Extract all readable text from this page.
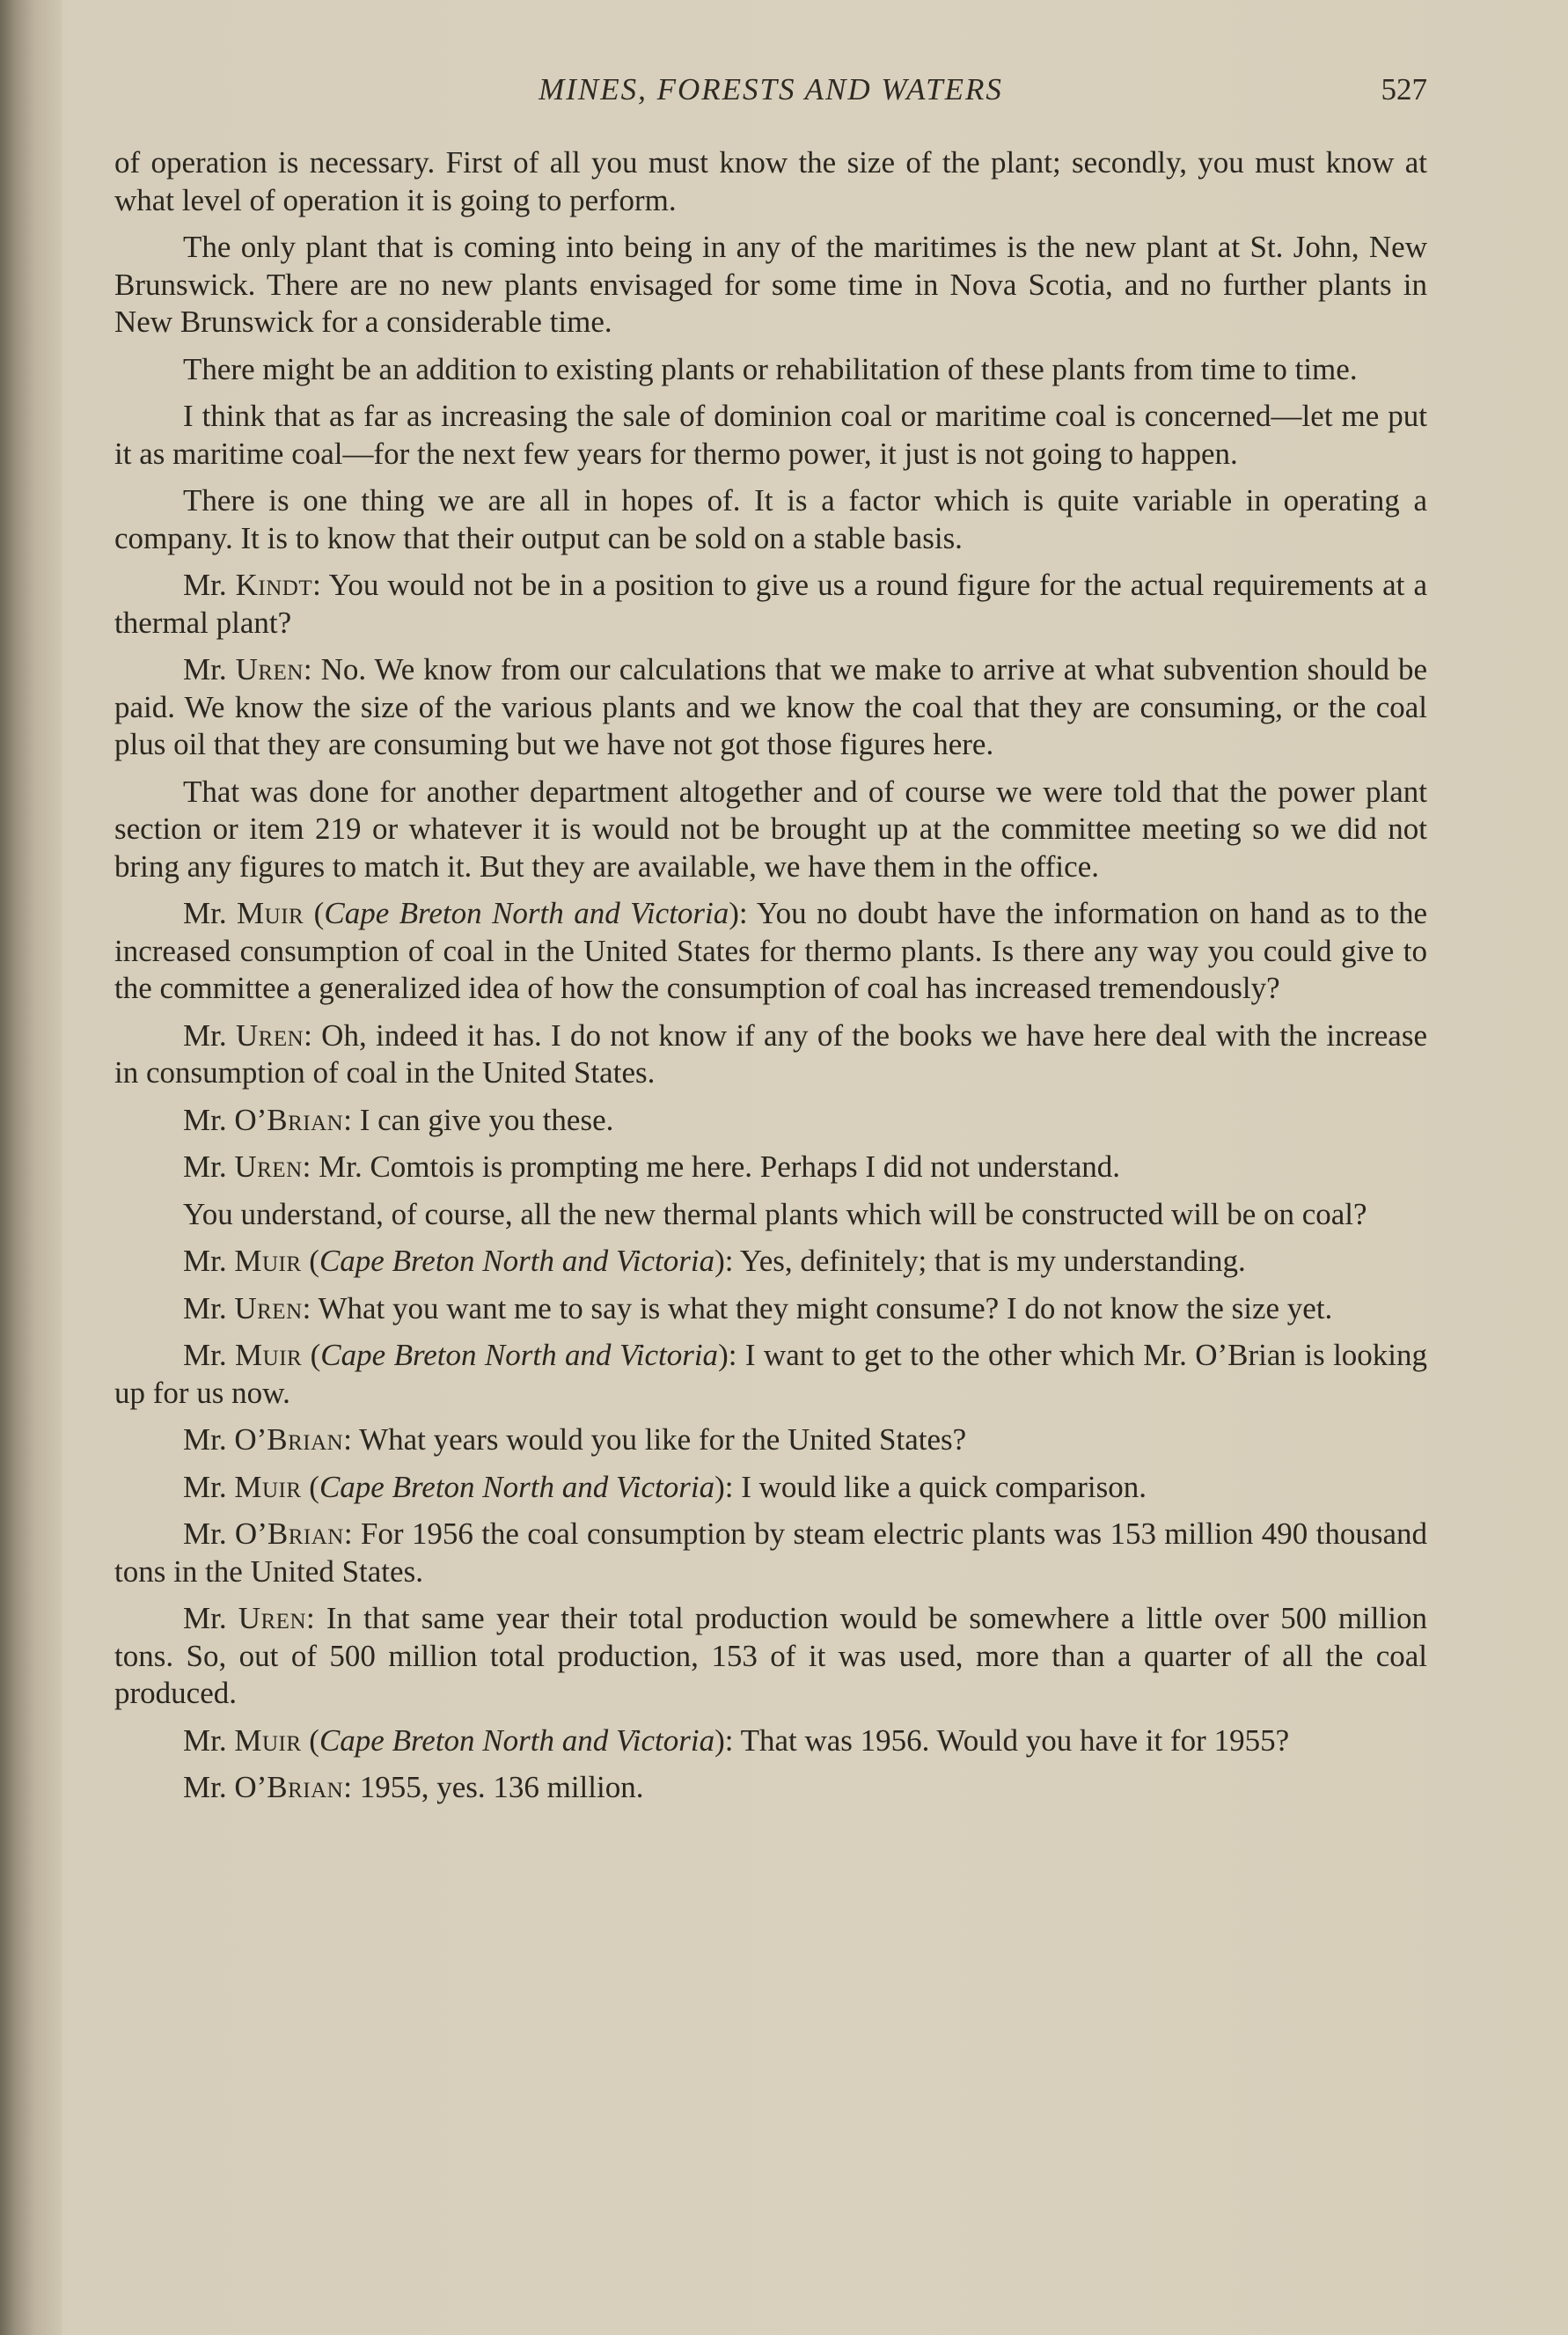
MINES, FORESTS AND WATERS	527

of operation is necessary. First of all you must know the size of the plant; secondly, you must know at what level of operation it is going to perform.

The only plant that is coming into being in any of the maritimes is the new plant at St. John, New Brunswick. There are no new plants envisaged for some time in Nova Scotia, and no further plants in New Brunswick for a considerable time.

There might be an addition to existing plants or rehabilitation of these plants from time to time.

I think that as far as increasing the sale of dominion coal or maritime coal is concerned—let me put it as maritime coal—for the next few years for thermo power, it just is not going to happen.

There is one thing we are all in hopes of. It is a factor which is quite variable in operating a company. It is to know that their output can be sold on a stable basis.

Mr. Kindt: You would not be in a position to give us a round figure for the actual requirements at a thermal plant?

Mr. Uren: No. We know from our calculations that we make to arrive at what subvention should be paid. We know the size of the various plants and we know the coal that they are consuming, or the coal plus oil that they are consuming but we have not got those figures here.

That was done for another department altogether and of course we were told that the power plant section or item 219 or whatever it is would not be brought up at the committee meeting so we did not bring any figures to match it. But they are available, we have them in the office.

Mr. Muir (Cape Breton North and Victoria): You no doubt have the information on hand as to the increased consumption of coal in the United States for thermo plants. Is there any way you could give to the committee a generalized idea of how the consumption of coal has increased tremendously?

Mr. Uren: Oh, indeed it has. I do not know if any of the books we have here deal with the increase in consumption of coal in the United States.

Mr. O’Brian: I can give you these.

Mr. Uren: Mr. Comtois is prompting me here. Perhaps I did not understand.

You understand, of course, all the new thermal plants which will be constructed will be on coal?

Mr. Muir (Cape Breton North and Victoria): Yes, definitely; that is my understanding.

Mr. Uren: What you want me to say is what they might consume? I do not know the size yet.

Mr. Muir (Cape Breton North and Victoria): I want to get to the other which Mr. O’Brian is looking up for us now.

Mr. O’Brian: What years would you like for the United States?

Mr. Muir (Cape Breton North and Victoria): I would like a quick comparison.

Mr. O’Brian: For 1956 the coal consumption by steam electric plants was 153 million 490 thousand tons in the United States.

Mr. Uren: In that same year their total production would be somewhere a little over 500 million tons. So, out of 500 million total production, 153 of it was used, more than a quarter of all the coal produced.

Mr. Muir (Cape Breton North and Victoria): That was 1956. Would you have it for 1955?

Mr. O’Brian: 1955, yes. 136 million.
